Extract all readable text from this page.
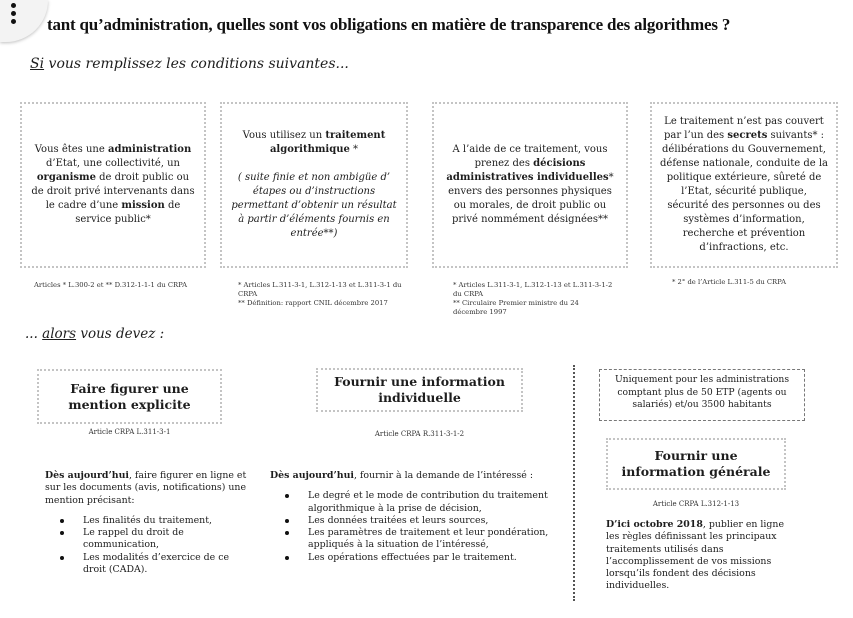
tant qu’administration, quelles sont vos obligations en matière de transparence des algorithmes ?
Si vous remplissez les conditions suivantes...
Vous êtes une administration d’Etat, une collectivité, un organisme de droit public ou de droit privé intervenants dans le cadre d’une mission de service public*
Articles * L.300-2 et ** D.312-1-1-1 du CRPA
Vous utilisez un traitement algorithmique *
( suite finie et non ambigüe d’ étapes ou d’instructions permettant d’obtenir un résultat à partir d’éléments fournis en entrée**)
* Articles L.311-3-1, L.312-1-13 et L.311-3-1 du CRPA
** Définition: rapport CNIL décembre 2017
A l’aide de ce traitement, vous prenez des décisions administratives individuelles* envers des personnes physiques ou morales, de droit public ou privé nommément désignées**
* Articles L.311-3-1, L.312-1-13 et L.311-3-1-2 du CRPA
** Circulaire Premier ministre du 24 décembre 1997
Le traitement n’est pas couvert par l’un des secrets suivants* : délibérations du Gouvernement, défense nationale, conduite de la politique extérieure, sûreté de l’Etat, sécurité publique, sécurité des personnes ou des systèmes d’information, recherche et prévention d’infractions, etc.
* 2° de l’Article L.311-5 du CRPA
... alors vous devez :
Faire figurer une mention explicite
Article CRPA L.311-3-1
Dès aujourd’hui, faire figurer en ligne et sur les documents (avis, notifications) une mention précisant:
Les finalités du traitement,
Le rappel du droit de communication,
Les modalités d’exercice de ce droit (CADA).
Fournir une information individuelle
Article CRPA R.311-3-1-2
Dès aujourd’hui, fournir à la demande de l’intéressé :
Le degré et le mode de contribution du traitement algorithmique à la prise de décision,
Les données traitées et leurs sources,
Les paramètres de traitement et leur pondération, appliqués à la situation de l’intéressé,
Les opérations effectuées par le traitement.
Uniquement pour les administrations comptant plus de 50 ETP (agents ou salariés) et/ou 3500 habitants
Fournir une information générale
Article CRPA L.312-1-13
D’ici octobre 2018, publier en ligne les règles définissant les principaux traitements utilisés dans l’accomplissement de vos missions lorsqu’ils fondent des décisions individuelles.
